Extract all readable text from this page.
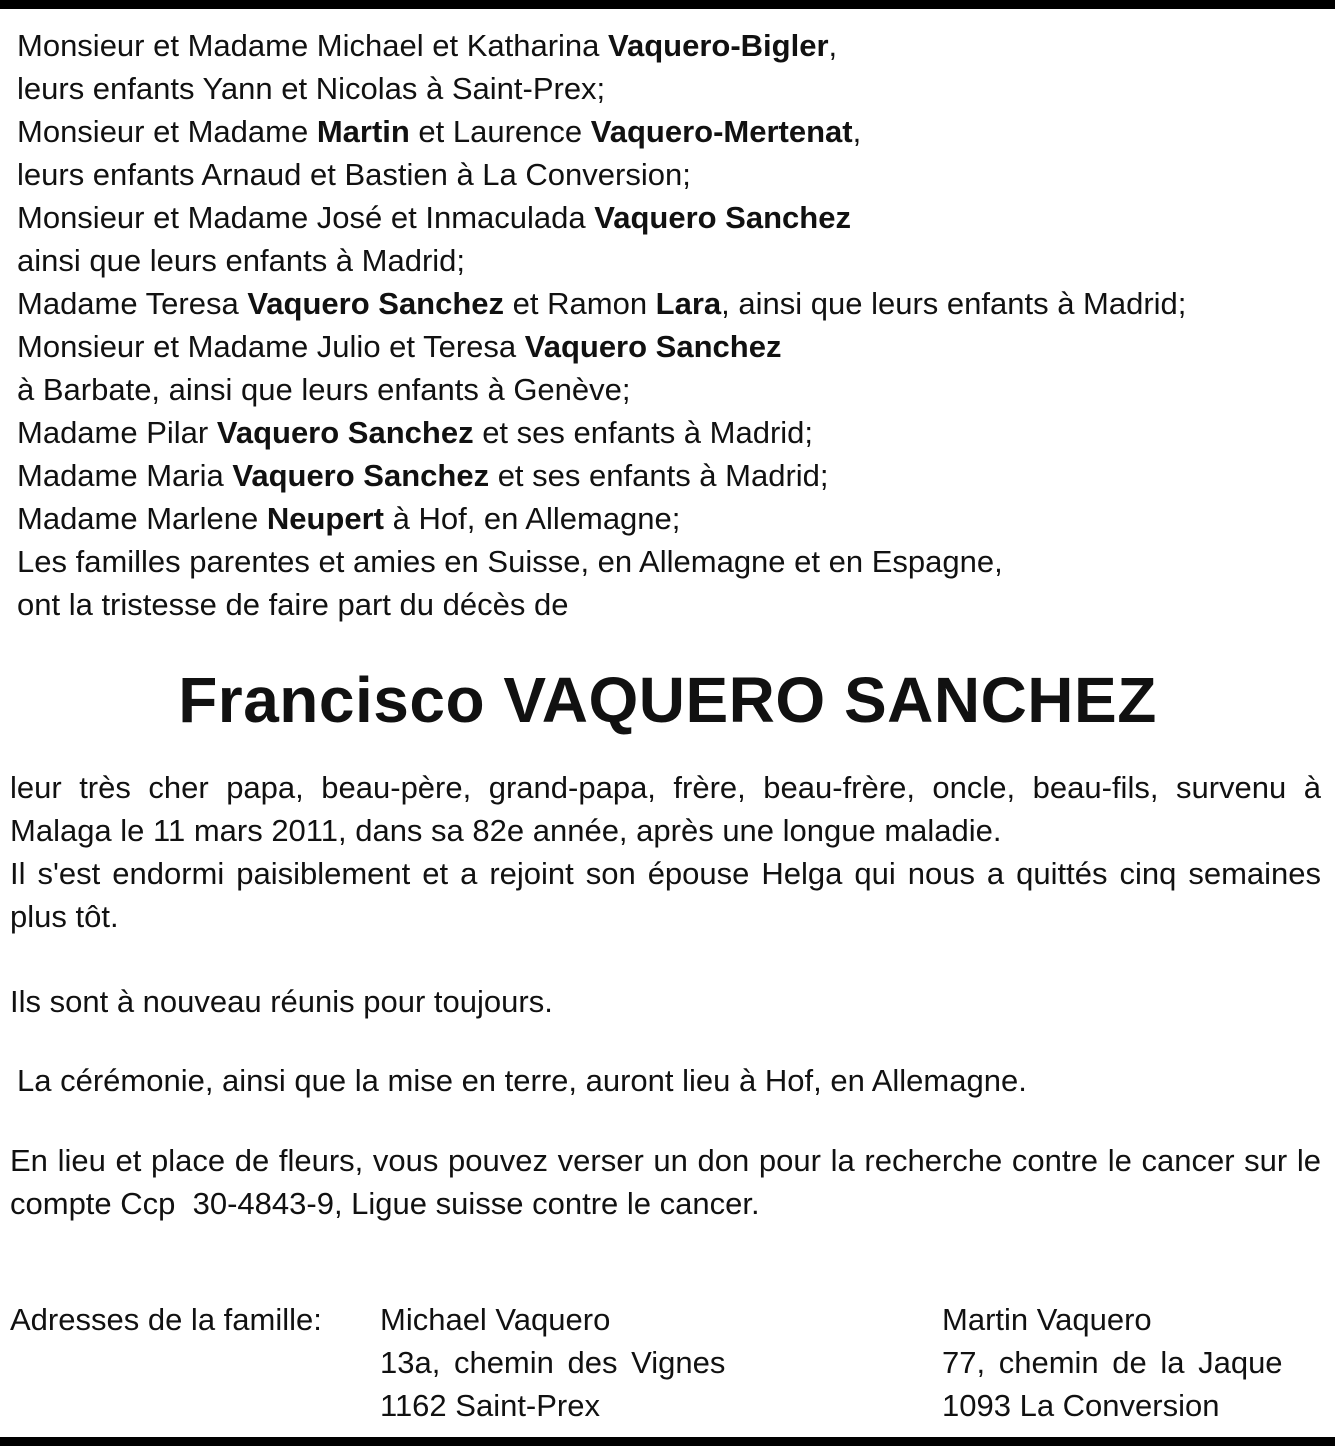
Monsieur et Madame Michael et Katharina Vaquero-Bigler,
leurs enfants Yann et Nicolas à Saint-Prex;
Monsieur et Madame Martin et Laurence Vaquero-Mertenat,
leurs enfants Arnaud et Bastien à La Conversion;
Monsieur et Madame José et Inmaculada Vaquero Sanchez
ainsi que leurs enfants à Madrid;
Madame Teresa Vaquero Sanchez et Ramon Lara, ainsi que leurs enfants à Madrid;
Monsieur et Madame Julio et Teresa Vaquero Sanchez
à Barbate, ainsi que leurs enfants à Genève;
Madame Pilar Vaquero Sanchez et ses enfants à Madrid;
Madame Maria Vaquero Sanchez et ses enfants à Madrid;
Madame Marlene Neupert à Hof, en Allemagne;
Les familles parentes et amies en Suisse, en Allemagne et en Espagne,
ont la tristesse de faire part du décès de
Francisco VAQUERO SANCHEZ
leur très cher papa, beau-père, grand-papa, frère, beau-frère, oncle, beau-fils, survenu à Malaga le 11 mars 2011, dans sa 82e année, après une longue maladie.
Il s'est endormi paisiblement et a rejoint son épouse Helga qui nous a quittés cinq semaines plus tôt.
Ils sont à nouveau réunis pour toujours.
La cérémonie, ainsi que la mise en terre, auront lieu à Hof, en Allemagne.
En lieu et place de fleurs, vous pouvez verser un don pour la recherche contre le cancer sur le compte Ccp  30-4843-9, Ligue suisse contre le cancer.
Adresses de la famille: Michael Vaquero
13a, chemin des Vignes
1162 Saint-Prex
Martin Vaquero
77, chemin de la Jaque
1093 La Conversion
